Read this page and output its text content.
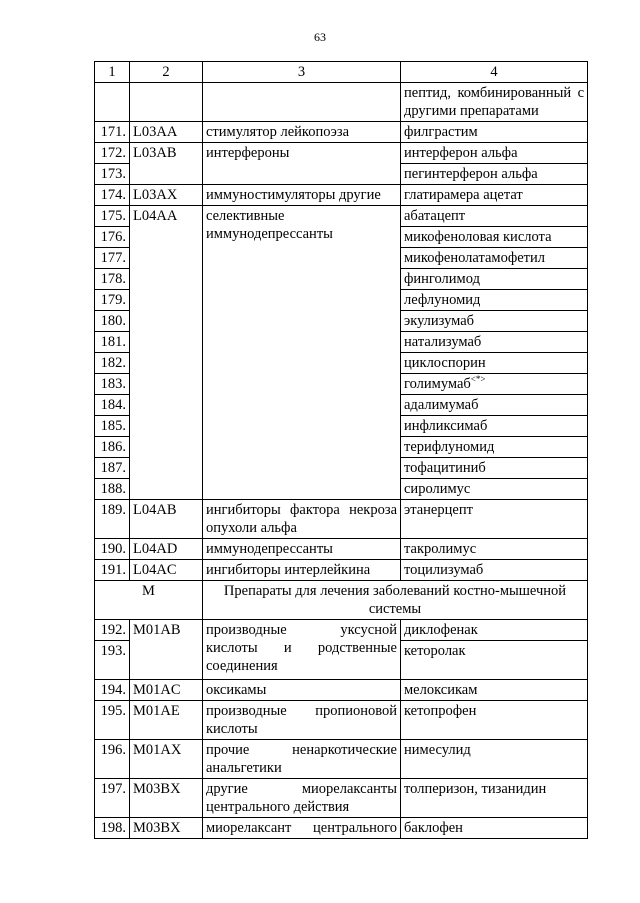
63
1	2	3	4
			пептид, комбинированный с другими препаратами
171.	L03AA	стимулятор лейкопоэза	филграстим
172.	L03AB	интерфероны	интерферон альфа
173.			пегинтерферон альфа
174.	L03AX	иммуностимуляторы другие	глатирамера ацетат
175.	L04AA	селективные иммунодепрессанты	абатацепт
176.			микофеноловая кислота
177.			микофенолатамофетил
178.			финголимод
179.			лефлуномид
180.			экулизумаб
181.			натализумаб
182.			циклоспорин
183.			голимумаб<*>
184.			адалимумаб
185.			инфликсимаб
186.			терифлуномид
187.			тофацитиниб
188.			сиролимус
189.	L04AB	ингибиторы фактора некроза опухоли альфа	этанерцепт
190.	L04AD	иммунодепрессанты	такролимус
191.	L04AC	ингибиторы интерлейкина	тоцилизумаб
M		Препараты для лечения заболеваний костно-мышечной системы	
192.	M01AB	производные уксусной кислоты и родственные соединения	диклофенак
193.			кеторолак
194.	M01AC	оксикамы	мелоксикам
195.	M01AE	производные пропионовой кислоты	кетопрофен
196.	M01AX	прочие ненаркотические анальгетики	нимесулид
197.	M03BX	другие миорелаксанты центрального действия	толперизон, тизанидин
198.	M03BX	миорелаксант центрального	баклофен
